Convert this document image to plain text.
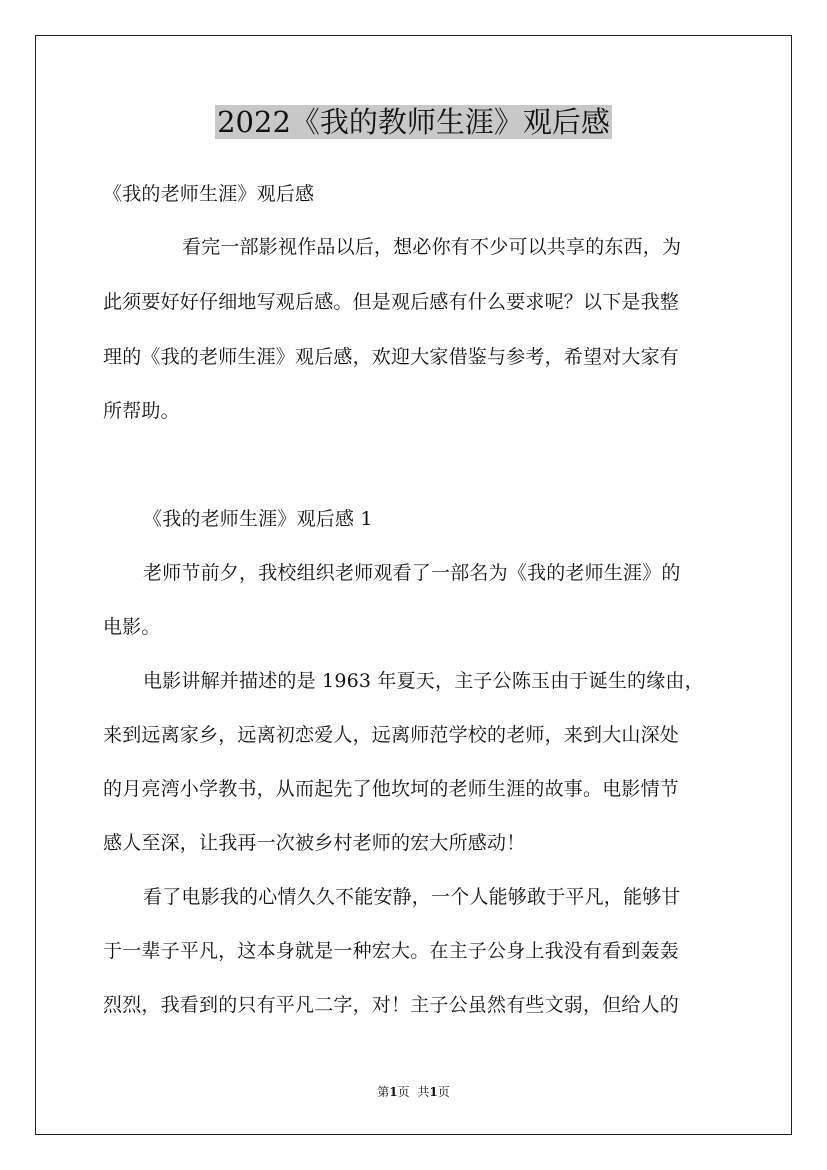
2022《我的教师生涯》观后感
《我的老师生涯》观后感
看完一部影视作品以后，想必你有不少可以共享的东西，为
此须要好好仔细地写观后感。但是观后感有什么要求呢？以下是我整
理的《我的老师生涯》观后感，欢迎大家借鉴与参考，希望对大家有
所帮助。
《我的老师生涯》观后感 1
老师节前夕，我校组织老师观看了一部名为《我的老师生涯》的
电影。
电影讲解并描述的是 1963 年夏天，主子公陈玉由于诞生的缘由，
来到远离家乡，远离初恋爱人，远离师范学校的老师，来到大山深处
的月亮湾小学教书，从而起先了他坎坷的老师生涯的故事。电影情节
感人至深，让我再一次被乡村老师的宏大所感动！
看了电影我的心情久久不能安静，一个人能够敢于平凡，能够甘
于一辈子平凡，这本身就是一种宏大。在主子公身上我没有看到轰轰
烈烈，我看到的只有平凡二字，对！主子公虽然有些文弱，但给人的
第1页 共1页
